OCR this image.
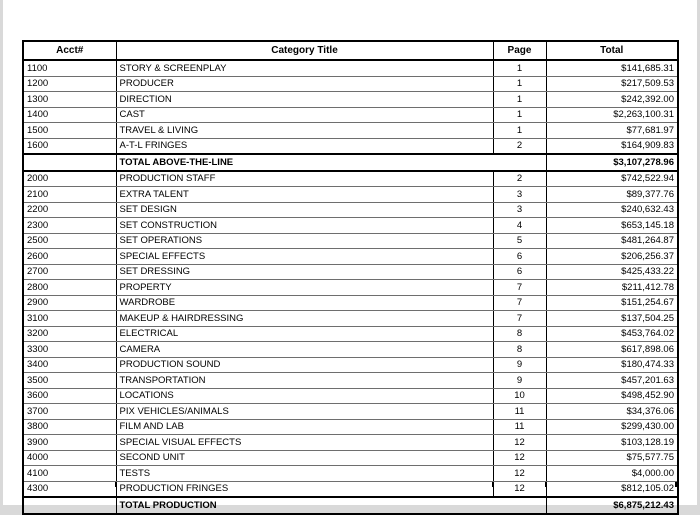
Acct#	Category Title	Page	Total
1100	STORY & SCREENPLAY	1	$141,685.31
1200	PRODUCER	1	$217,509.53
1300	DIRECTION	1	$242,392.00
1400	CAST	1	$2,263,100.31
1500	TRAVEL & LIVING	1	$77,681.97
1600	A-T-L FRINGES	2	$164,909.83
	TOTAL ABOVE-THE-LINE		$3,107,278.96
2000	PRODUCTION STAFF	2	$742,522.94
2100	EXTRA TALENT	3	$89,377.76
2200	SET DESIGN	3	$240,632.43
2300	SET CONSTRUCTION	4	$653,145.18
2500	SET OPERATIONS	5	$481,264.87
2600	SPECIAL EFFECTS	6	$206,256.37
2700	SET DRESSING	6	$425,433.22
2800	PROPERTY	7	$211,412.78
2900	WARDROBE	7	$151,254.67
3100	MAKEUP & HAIRDRESSING	7	$137,504.25
3200	ELECTRICAL	8	$453,764.02
3300	CAMERA	8	$617,898.06
3400	PRODUCTION SOUND	9	$180,474.33
3500	TRANSPORTATION	9	$457,201.63
3600	LOCATIONS	10	$498,452.90
3700	PIX VEHICLES/ANIMALS	11	$34,376.06
3800	FILM AND LAB	11	$299,430.00
3900	SPECIAL VISUAL EFFECTS	12	$103,128.19
4000	SECOND UNIT	12	$75,577.75
4100	TESTS	12	$4,000.00
4300	PRODUCTION FRINGES	12	$812,105.02
	TOTAL PRODUCTION		$6,875,212.43
